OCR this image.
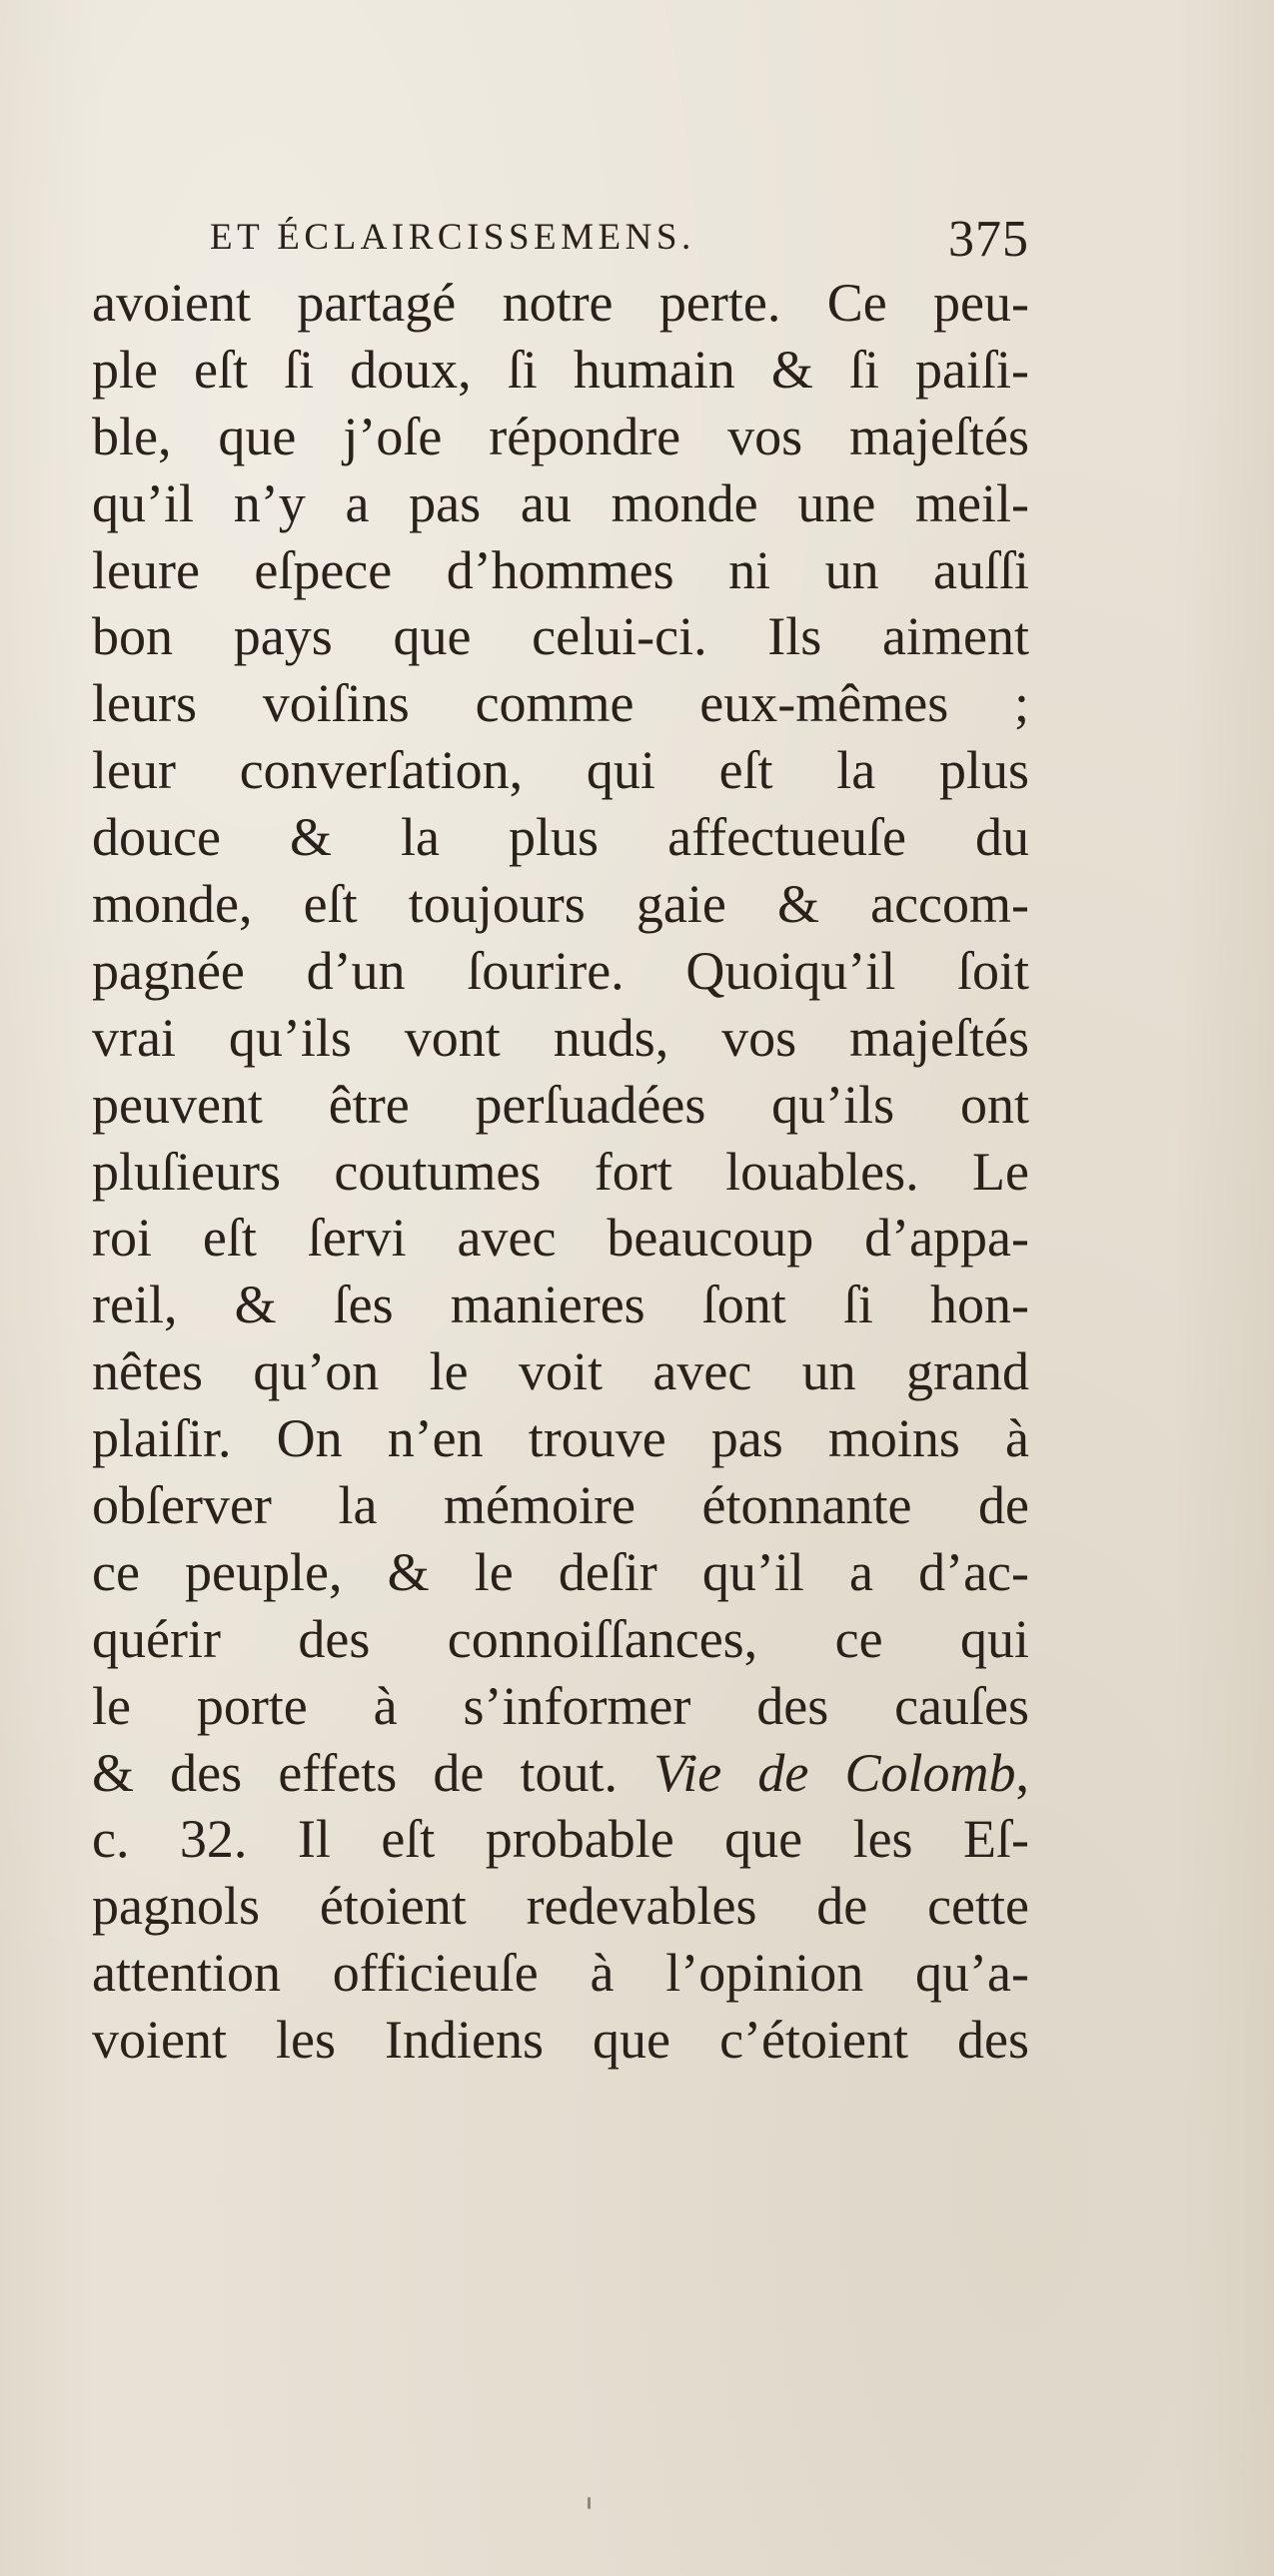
ET ÉCLAIRCISSEMENS.	375
avoient partagé notre perte. Ce peu-
ple eſt ſi doux, ſi humain & ſi paiſi-
ble, que j’oſe répondre vos majeſtés
qu’il n’y a pas au monde une meil-
leure eſpece d’hommes ni un auſſi
bon pays que celui-ci. Ils aiment
leurs voiſins comme eux-mêmes ;
leur converſation, qui eſt la plus
douce & la plus affectueuſe du
monde, eſt toujours gaie & accom-
pagnée d’un ſourire. Quoiqu’il ſoit
vrai qu’ils vont nuds, vos majeſtés
peuvent être perſuadées qu’ils ont
pluſieurs coutumes fort louables. Le
roi eſt ſervi avec beaucoup d’appa-
reil, & ſes manieres ſont ſi hon-
nêtes qu’on le voit avec un grand
plaiſir. On n’en trouve pas moins à
obſerver la mémoire étonnante de
ce peuple, & le deſir qu’il a d’ac-
quérir des connoiſſances, ce qui
le porte à s’informer des cauſes
& des effets de tout. Vie de Colomb,
c. 32. Il eſt probable que les Eſ-
pagnols étoient redevables de cette
attention officieuſe à l’opinion qu’a-
voient les Indiens que c’étoient des
